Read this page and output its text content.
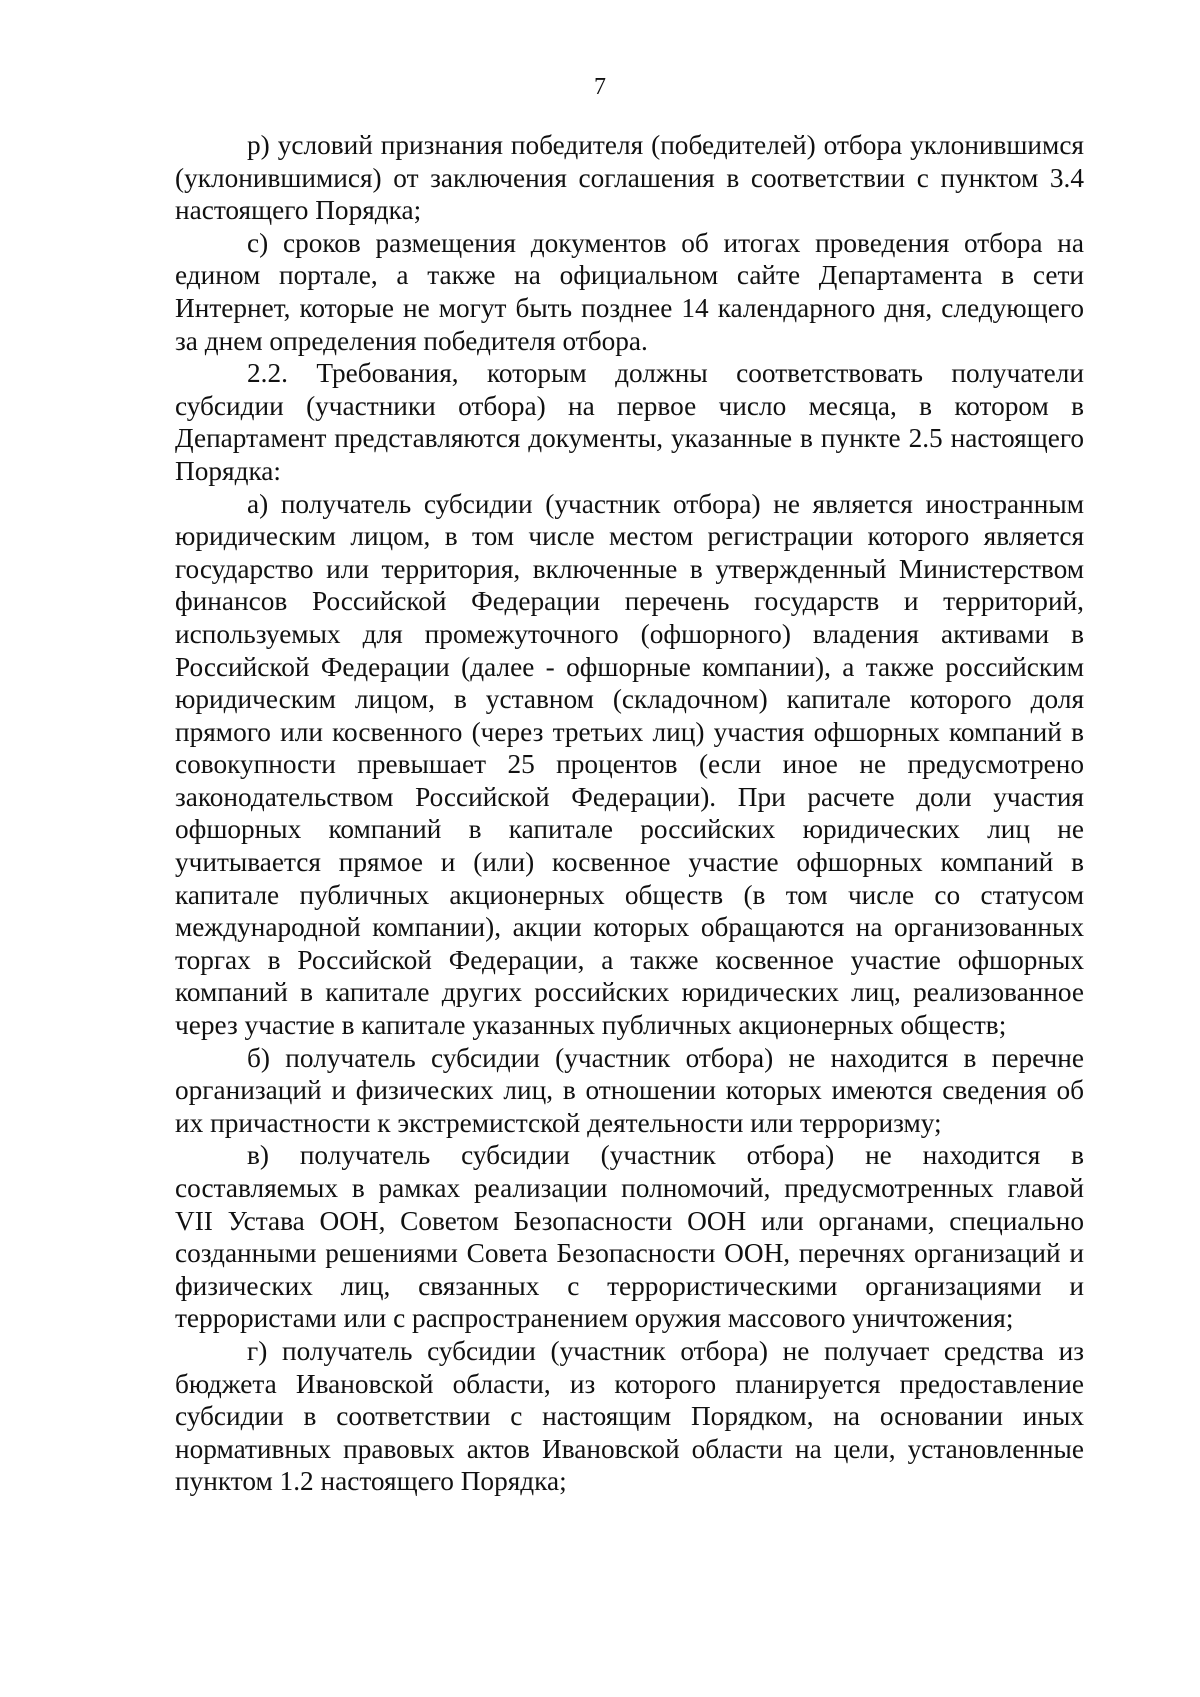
7

р) условий признания победителя (победителей) отбора уклонившимся (уклонившимися) от заключения соглашения в соответствии с пунктом 3.4 настоящего Порядка;

с) сроков размещения документов об итогах проведения отбора на едином портале, а также на официальном сайте Департамента в сети Интернет, которые не могут быть позднее 14 календарного дня, следующего за днем определения победителя отбора.

2.2. Требования, которым должны соответствовать получатели субсидии (участники отбора) на первое число месяца, в котором в Департамент представляются документы, указанные в пункте 2.5 настоящего Порядка:

а) получатель субсидии (участник отбора) не является иностранным юридическим лицом, в том числе местом регистрации которого является государство или территория, включенные в утвержденный Министерством финансов Российской Федерации перечень государств и территорий, используемых для промежуточного (офшорного) владения активами в Российской Федерации (далее - офшорные компании), а также российским юридическим лицом, в уставном (складочном) капитале которого доля прямого или косвенного (через третьих лиц) участия офшорных компаний в совокупности превышает 25 процентов (если иное не предусмотрено законодательством Российской Федерации). При расчете доли участия офшорных компаний в капитале российских юридических лиц не учитывается прямое и (или) косвенное участие офшорных компаний в капитале публичных акционерных обществ (в том числе со статусом международной компании), акции которых обращаются на организованных торгах в Российской Федерации, а также косвенное участие офшорных компаний в капитале других российских юридических лиц, реализованное через участие в капитале указанных публичных акционерных обществ;

б) получатель субсидии (участник отбора) не находится в перечне организаций и физических лиц, в отношении которых имеются сведения об их причастности к экстремистской деятельности или терроризму;

в) получатель субсидии (участник отбора) не находится в составляемых в рамках реализации полномочий, предусмотренных главой VII Устава ООН, Советом Безопасности ООН или органами, специально созданными решениями Совета Безопасности ООН, перечнях организаций и физических лиц, связанных с террористическими организациями и террористами или с распространением оружия массового уничтожения;

г) получатель субсидии (участник отбора) не получает средства из бюджета Ивановской области, из которого планируется предоставление субсидии в соответствии с настоящим Порядком, на основании иных нормативных правовых актов Ивановской области на цели, установленные пунктом 1.2 настоящего Порядка;
